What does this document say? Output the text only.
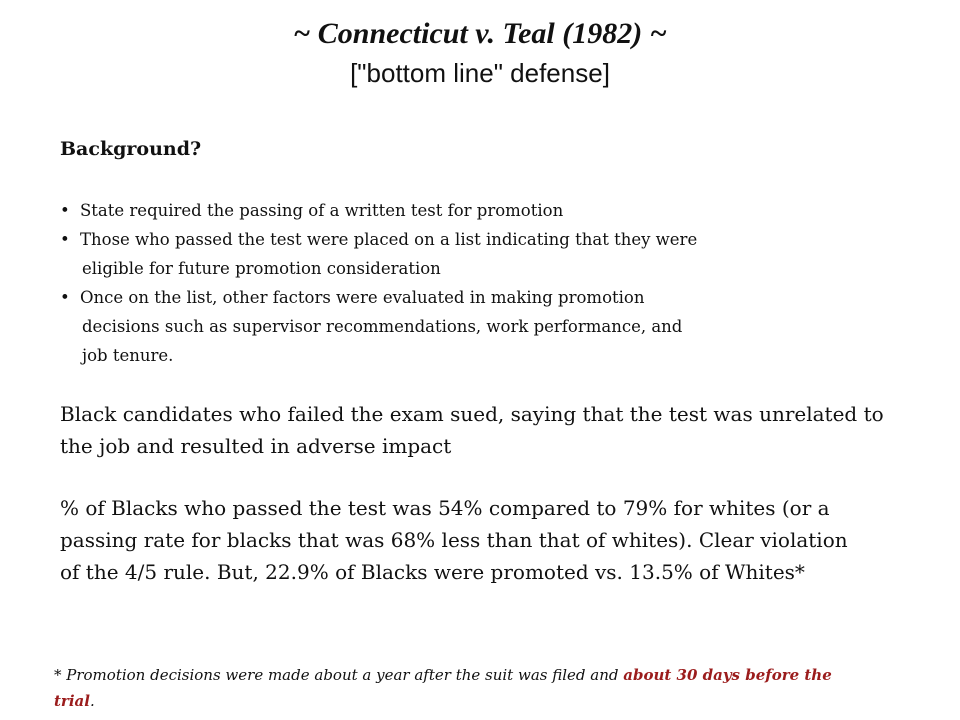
~ Connecticut v. Teal (1982) ~
["bottom line" defense]
Background?
• State required the passing of a written test for promotion
• Those who passed the test were placed on a list indicating that they were
eligible for future promotion consideration
• Once on the list, other factors were evaluated in making promotion
decisions such as supervisor recommendations, work performance, and
job tenure.

Black candidates who failed the exam sued, saying that the test was unrelated to
the job and resulted in adverse impact

% of Blacks who passed the test was 54% compared to 79% for whites (or a
passing rate for blacks that was 68% less than that of whites). Clear violation
of the 4/5 rule. But, 22.9% of Blacks were promoted vs. 13.5% of Whites*

* Promotion decisions were made about a year after the suit was filed and about 30 days before the
trial.
